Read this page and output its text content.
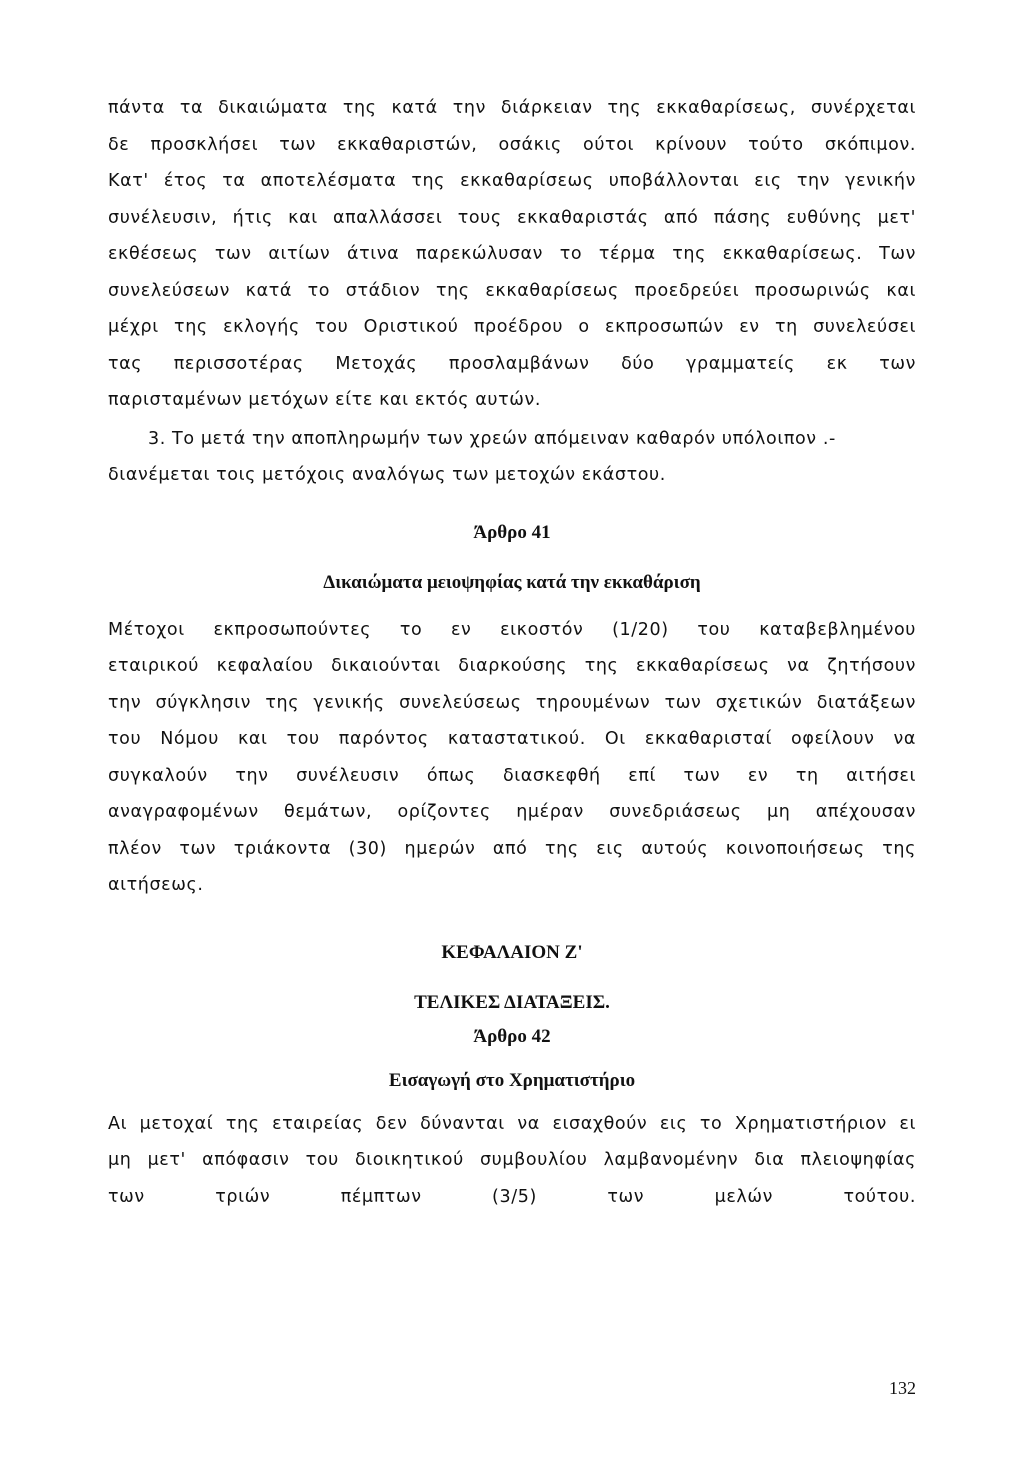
πάντα τα δικαιώματα της κατά την διάρκειαν της εκκαθαρίσεως, συνέρχεται
δε προσκλήσει των εκκαθαριστών, οσάκις ούτοι κρίνουν τούτο σκόπιμον.
Κατ' έτος τα αποτελέσματα της εκκαθαρίσεως υποβάλλονται εις την γενικήν
συνέλευσιν, ήτις και απαλλάσσει τους εκκαθαριστάς από πάσης ευθύνης μετ'
εκθέσεως των αιτίων άτινα παρεκώλυσαν το τέρμα της εκκαθαρίσεως. Των
συνελεύσεων κατά το στάδιον της εκκαθαρίσεως προεδρεύει προσωρινώς και
μέχρι της εκλογής του Οριστικού προέδρου ο εκπροσωπών εν τη συνελεύσει
τας περισσοτέρας Μετοχάς προσλαμβάνων δύο γραμματείς εκ των
παρισταμένων μετόχων είτε και εκτός αυτών.
3. Το μετά την αποπληρωμήν των χρεών απόμειναν καθαρόν υπόλοιπον .-
διανέμεται τοις μετόχοις αναλόγως των μετοχών εκάστου.
Άρθρο 41
Δικαιώματα μειοψηφίας κατά την εκκαθάριση
Μέτοχοι εκπροσωπούντες το εν εικοστόν (1/20) του καταβεβλημένου
εταιρικού κεφαλαίου δικαιούνται διαρκούσης της εκκαθαρίσεως να ζητήσουν
την σύγκλησιν της γενικής συνελεύσεως τηρουμένων των σχετικών διατάξεων
του Νόμου και του παρόντος καταστατικού. Οι εκκαθαρισταί οφείλουν να
συγκαλούν την συνέλευσιν όπως διασκεφθή επί των εν τη αιτήσει
αναγραφομένων θεμάτων, ορίζοντες ημέραν συνεδριάσεως μη απέχουσαν
πλέον των τριάκοντα (30) ημερών από της εις αυτούς κοινοποιήσεως της
αιτήσεως.
ΚΕΦΑΛΑΙΟΝ Ζ'
ΤΕΛΙΚΕΣ ΔΙΑΤΑΞΕΙΣ.
Άρθρο 42
Εισαγωγή στο Χρηματιστήριο
Αι μετοχαί της εταιρείας δεν δύνανται να εισαχθούν εις το Χρηματιστήριον ει
μη μετ' απόφασιν του διοικητικού συμβουλίου λαμβανομένην δια πλειοψηφίας
των τριών πέμπτων (3/5) των μελών τούτου.
132
